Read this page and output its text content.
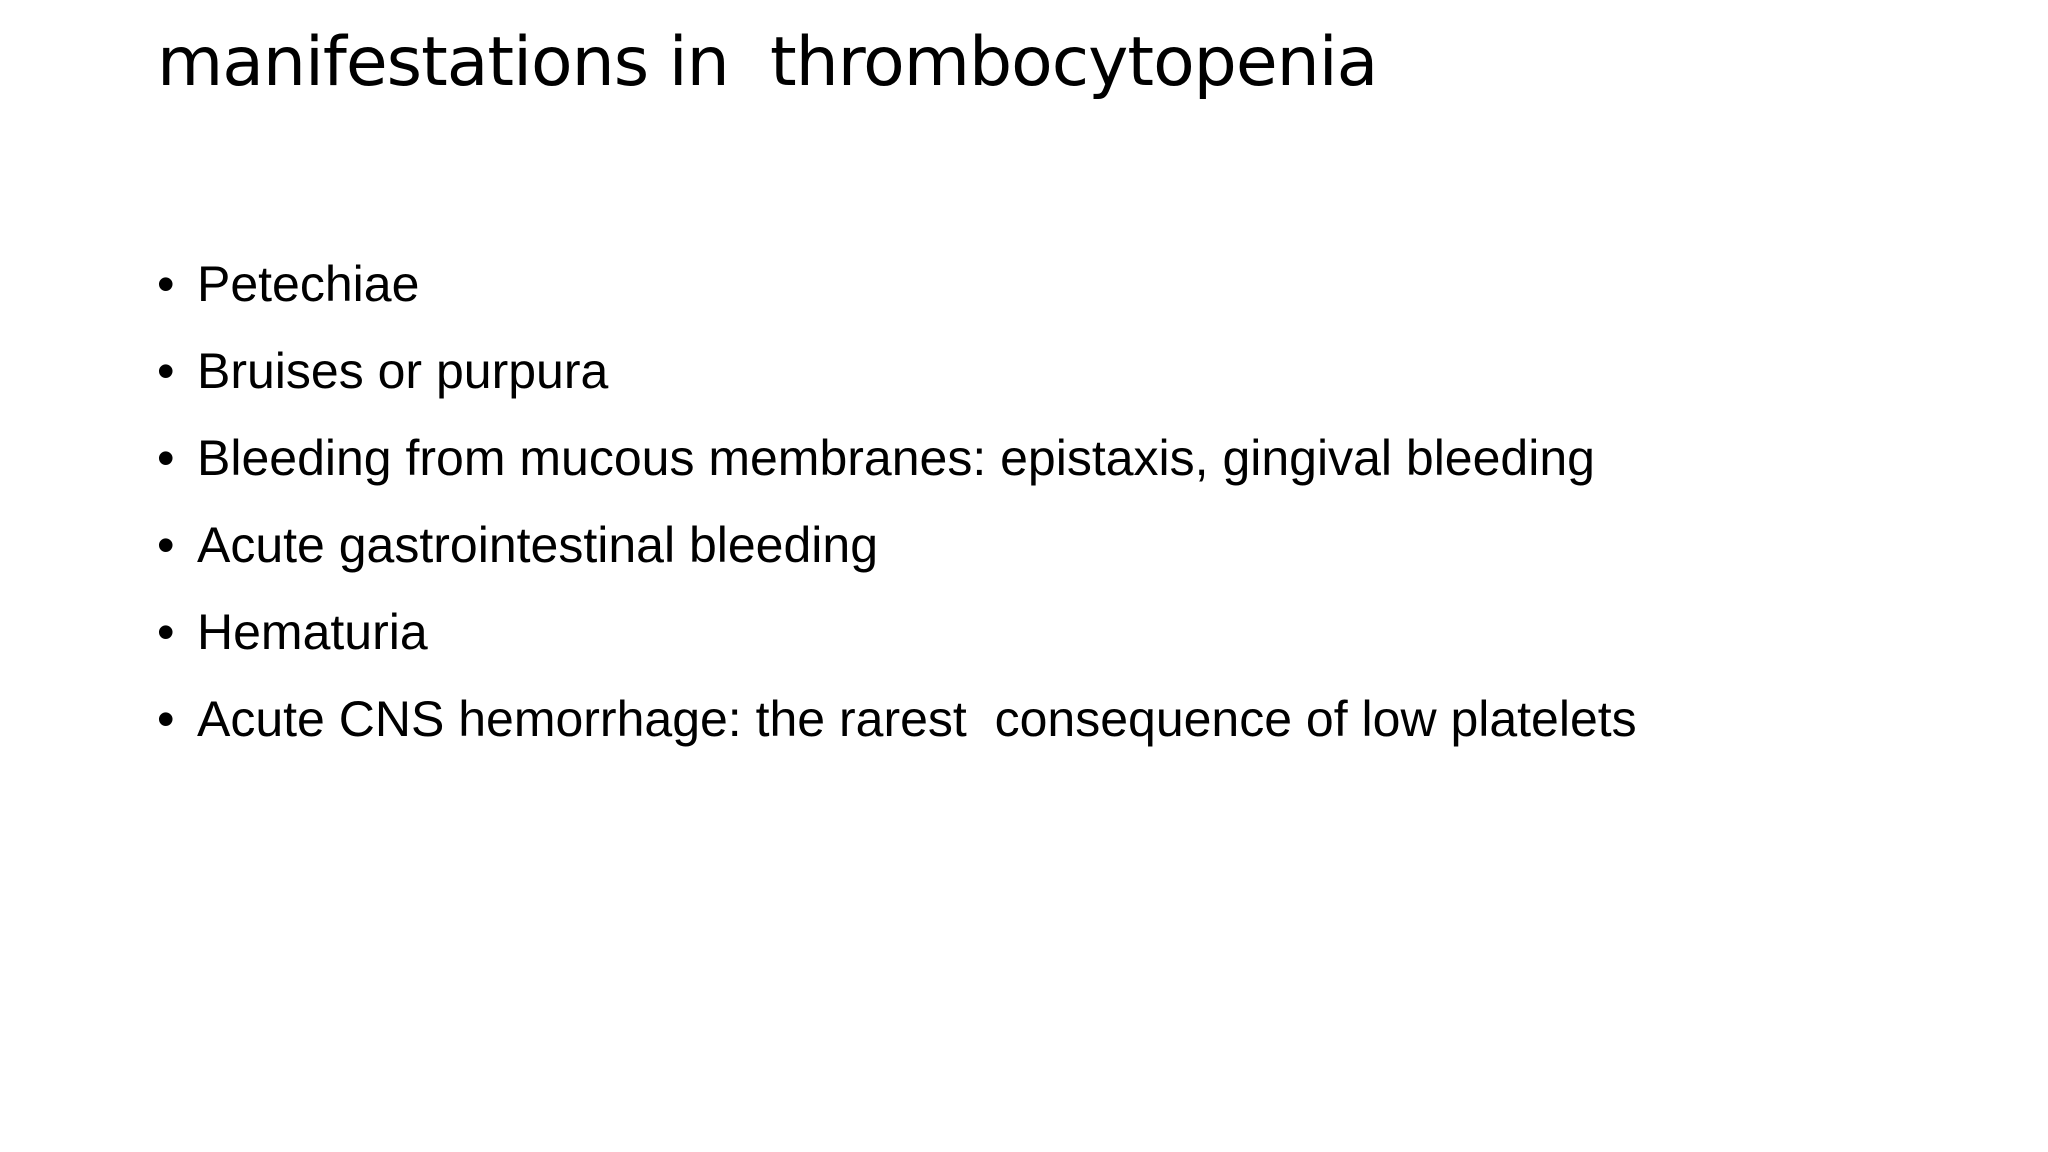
manifestations in  thrombocytopenia
• Petechiae
• Bruises or purpura
• Bleeding from mucous membranes: epistaxis, gingival bleeding
• Acute gastrointestinal bleeding
• Hematuria
• Acute CNS hemorrhage: the rarest  consequence of low platelets
